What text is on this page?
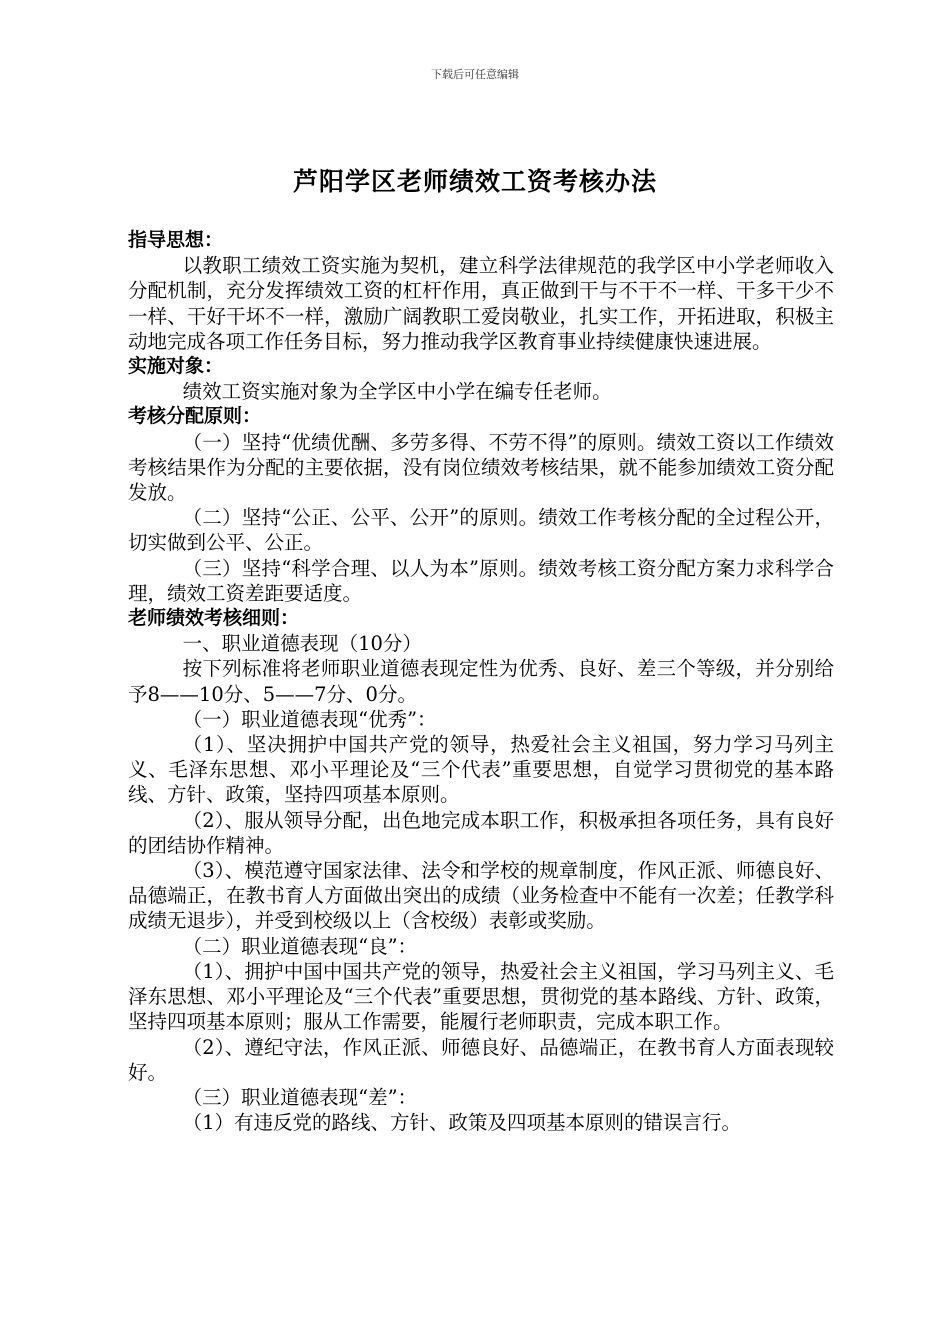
下载后可任意编辑
芦阳学区老师绩效工资考核办法
指导思想：
以教职工绩效工资实施为契机，建立科学法律规范的我学区中小学老师收入分配机制，充分发挥绩效工资的杠杆作用，真正做到干与不干不一样、干多干少不一样、干好干坏不一样，激励广阔教职工爱岗敬业，扎实工作，开拓进取，积极主动地完成各项工作任务目标，努力推动我学区教育事业持续健康快速进展。
实施对象：
绩效工资实施对象为全学区中小学在编专任老师。
考核分配原则：
（一）坚持“优绩优酬、多劳多得、不劳不得”的原则。绩效工资以工作绩效考核结果作为分配的主要依据，没有岗位绩效考核结果，就不能参加绩效工资分配发放。
（二）坚持“公正、公平、公开”的原则。绩效工作考核分配的全过程公开，切实做到公平、公正。
（三）坚持“科学合理、以人为本”原则。绩效考核工资分配方案力求科学合理，绩效工资差距要适度。
老师绩效考核细则：
一、职业道德表现（10分）
按下列标准将老师职业道德表现定性为优秀、良好、差三个等级，并分别给予8——10分、5——7分、0分。
（一）职业道德表现“优秀”：
（1）、坚决拥护中国共产党的领导，热爱社会主义祖国，努力学习马列主义、毛泽东思想、邓小平理论及“三个代表”重要思想，自觉学习贯彻党的基本路线、方针、政策，坚持四项基本原则。
（2）、服从领导分配，出色地完成本职工作，积极承担各项任务，具有良好的团结协作精神。
（3）、模范遵守国家法律、法令和学校的规章制度，作风正派、师德良好、品德端正，在教书育人方面做出突出的成绩（业务检查中不能有一次差；任教学科成绩无退步），并受到校级以上（含校级）表彰或奖励。
（二）职业道德表现“良”：
（1）、拥护中国中国共产党的领导，热爱社会主义祖国，学习马列主义、毛泽东思想、邓小平理论及“三个代表”重要思想，贯彻党的基本路线、方针、政策，坚持四项基本原则；服从工作需要，能履行老师职责，完成本职工作。
（2）、遵纪守法，作风正派、师德良好、品德端正，在教书育人方面表现较好。
（三）职业道德表现“差”：
（1）有违反党的路线、方针、政策及四项基本原则的错误言行。
